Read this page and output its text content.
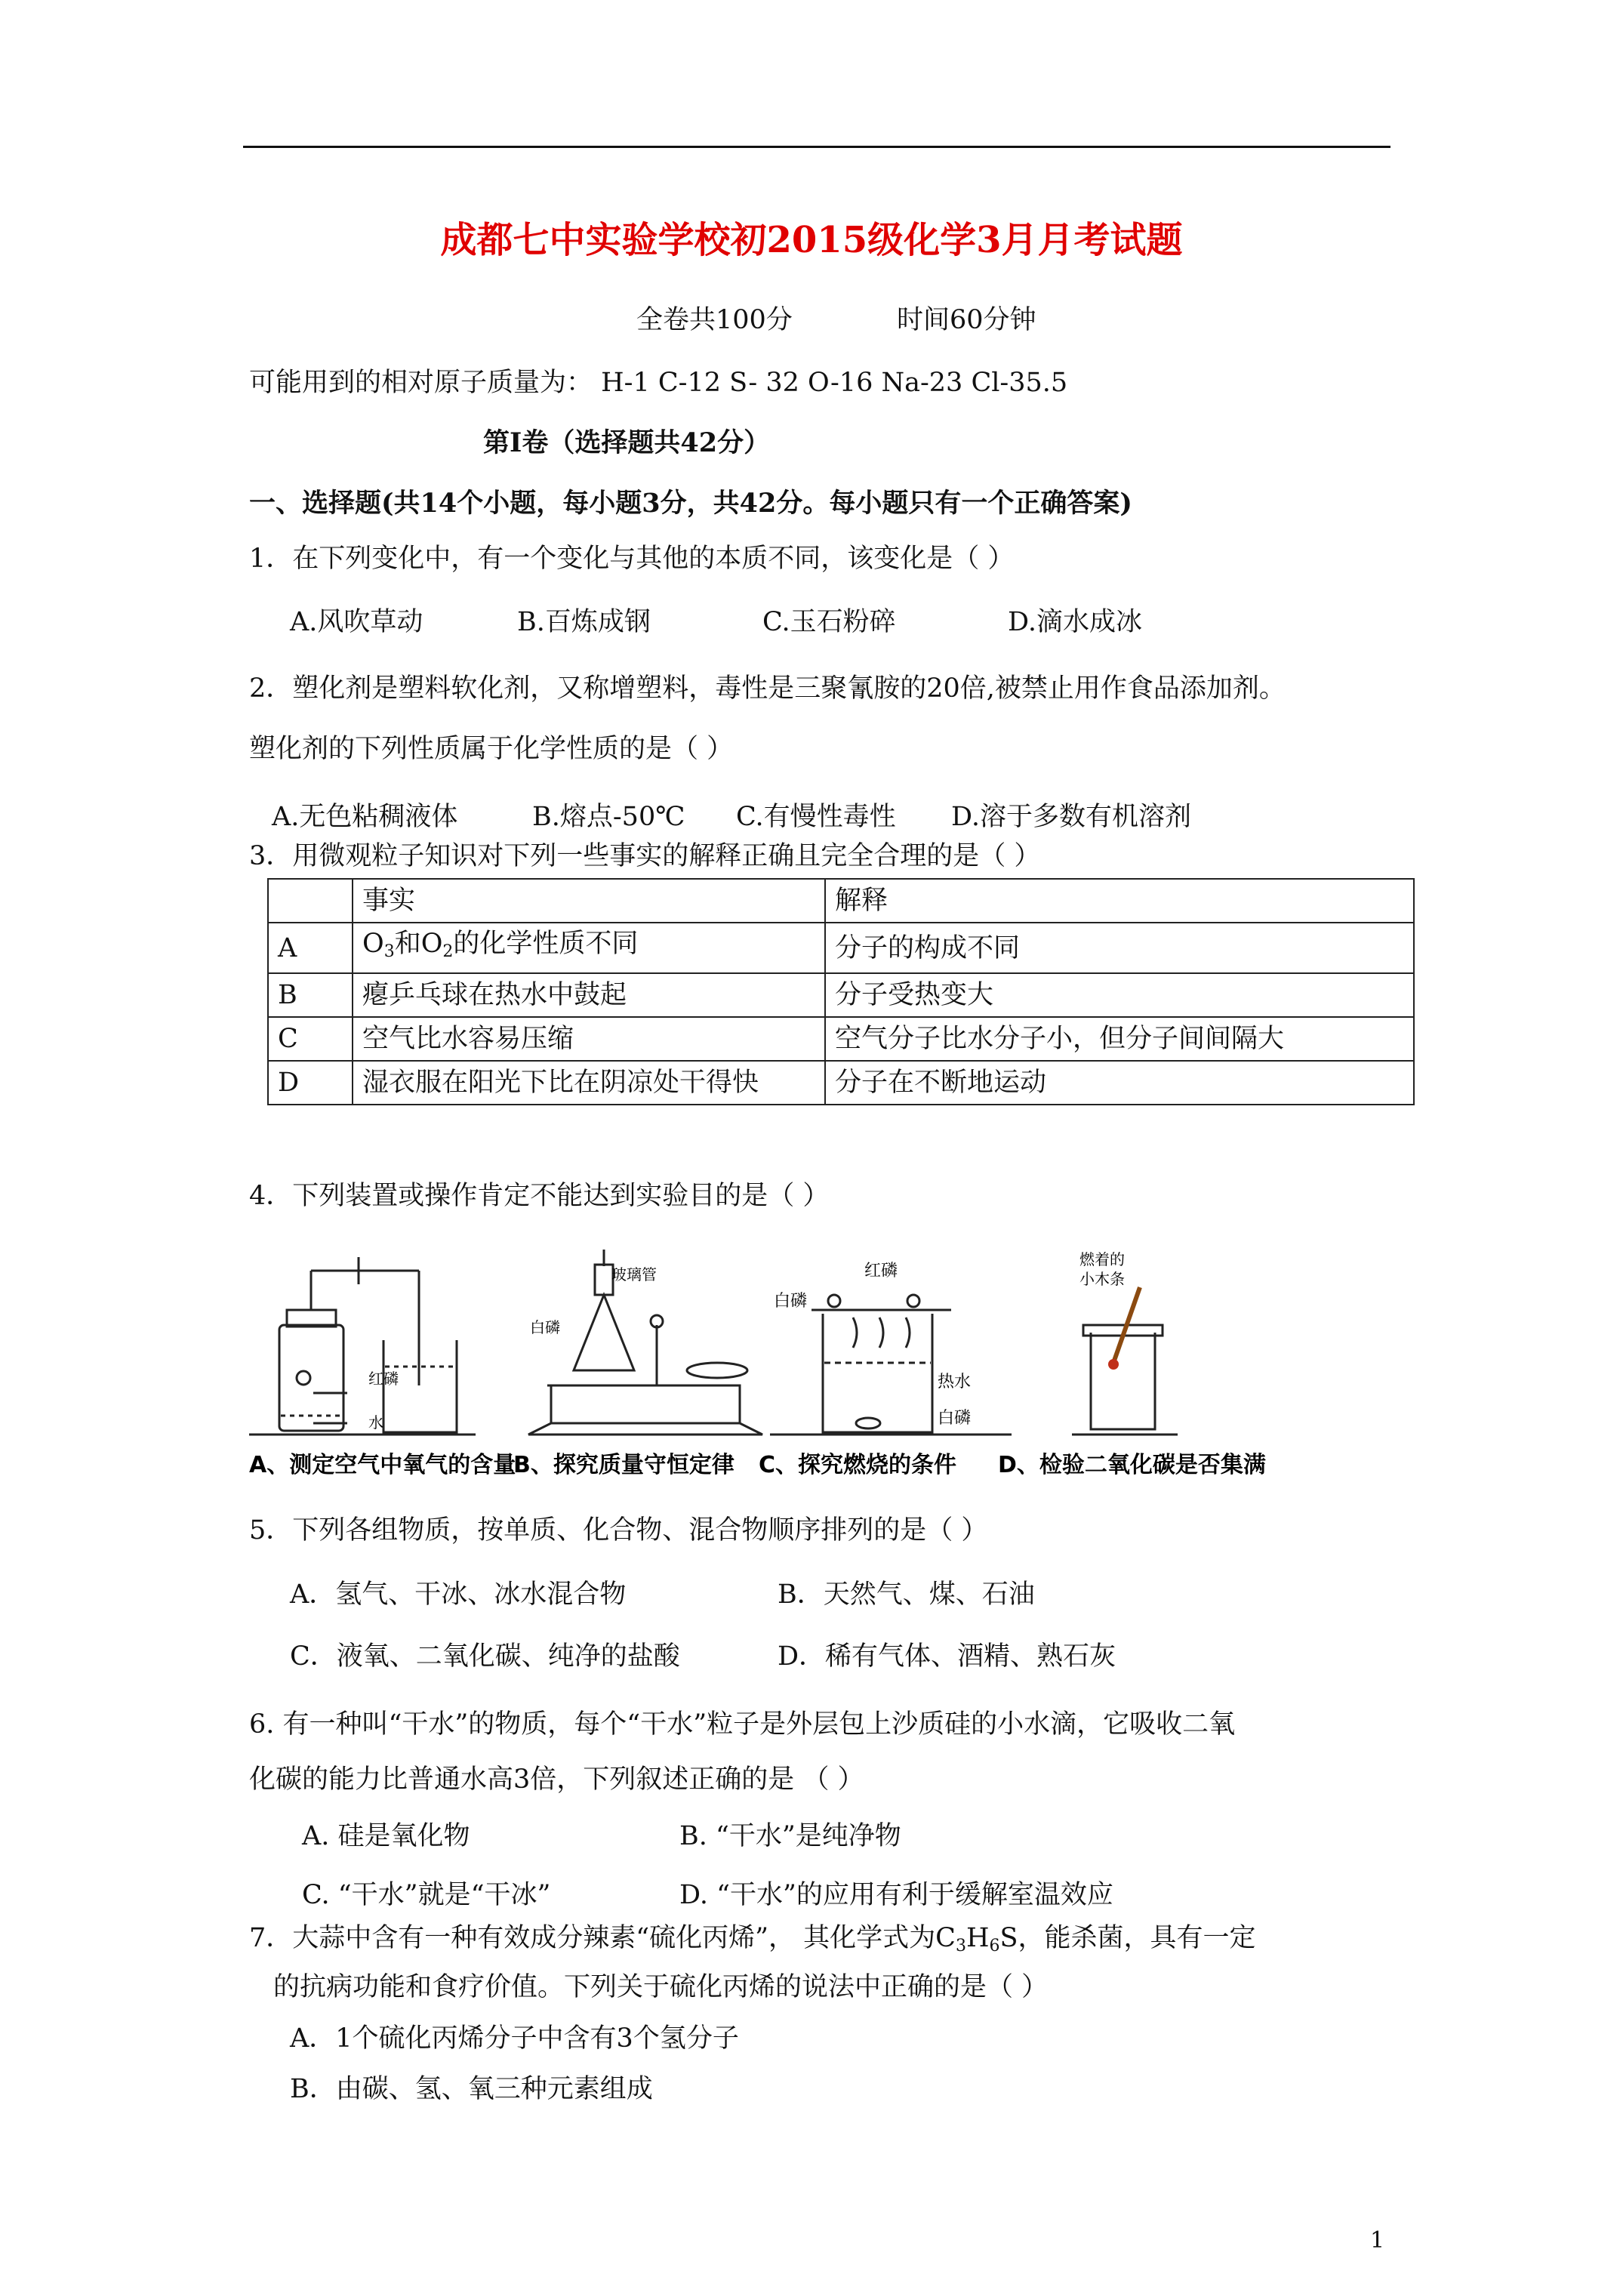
成都七中实验学校初2015级化学3月月考试题
全卷共100分	时间60分钟
可能用到的相对原子质量为： H-1 C-12 S- 32 O-16 Na-23 Cl-35.5
第Ⅰ卷（选择题共42分）
一、选择题(共14个小题，每小题3分，共42分。每小题只有一个正确答案)
1．在下列变化中，有一个变化与其他的本质不同，该变化是（ ）
A.风吹草动	B.百炼成钢	C.玉石粉碎	D.滴水成冰
2．塑化剂是塑料软化剂，又称增塑料，毒性是三聚氰胺的20倍,被禁止用作食品添加剂。
塑化剂的下列性质属于化学性质的是（ ）
A.无色粘稠液体	B.熔点-50℃ C.有慢性毒性 D.溶于多数有机溶剂
3．用微观粒子知识对下列一些事实的解释正确且完全合理的是（ ）
	事实	解释
A	$O_3$和$O_2$的化学性质不同	分子的构成不同
B	瘪乒乓球在热水中鼓起	分子受热变大
C	空气比水容易压缩	空气分子比水分子小，但分子间间隔大
D	湿衣服在阳光下比在阴凉处干得快	分子在不断地运动
4．下列装置或操作肯定不能达到实验目的是（ ）
红磷
水
玻璃管
白磷
红磷
白磷
热水
白磷
燃着的
小木条
A、测定空气中氧气的含量
B、探究质量守恒定律 C、探究燃烧的条件 D、检验二氧化碳是否集满
5．下列各组物质，按单质、化合物、混合物顺序排列的是（ ）
A．氢气、干冰、冰水混合物	B．天然气、煤、石油
C．液氧、二氧化碳、纯净的盐酸	D．稀有气体、酒精、熟石灰
6. 有一种叫“干水”的物质，每个“干水”粒子是外层包上沙质硅的小水滴，它吸收二氧
化碳的能力比普通水高3倍，下列叙述正确的是 （ ）
A. 硅是氧化物	B. “干水”是纯净物
C. “干水”就是“干冰”	D. “干水”的应用有利于缓解室温效应
7．大蒜中含有一种有效成分辣素“硫化丙烯”， 其化学式为$C_3H_6S$，能杀菌，具有一定
的抗病功能和食疗价值。下列关于硫化丙烯的说法中正确的是（ ）
A．1个硫化丙烯分子中含有3个氢分子
B．由碳、氢、氧三种元素组成
1
